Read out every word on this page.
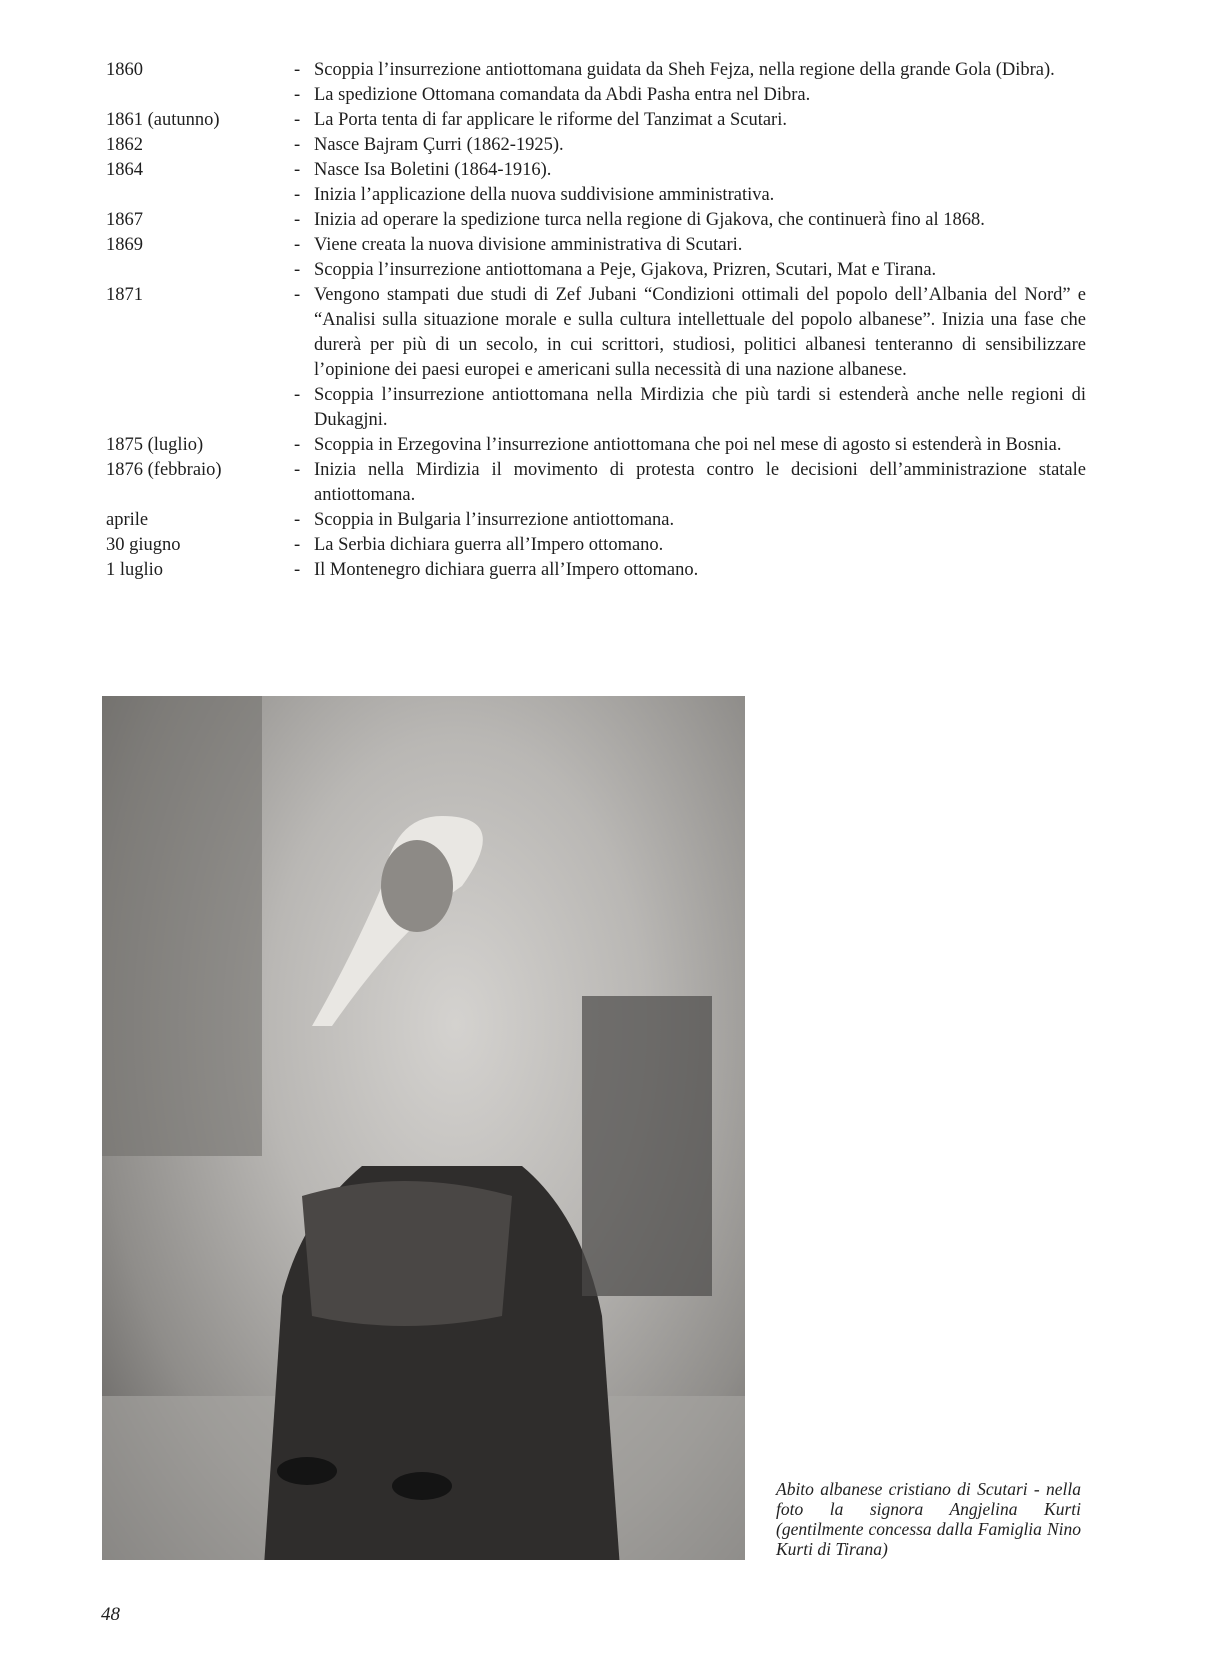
1860	- Scoppia l’insurrezione antiottomana guidata da Sheh Fejza, nella regione della grande Gola (Dibra).
- La spedizione Ottomana comandata da Abdi Pasha entra nel Dibra.
1861 (autunno)	- La Porta tenta di far applicare le riforme del Tanzimat a Scutari.
1862	- Nasce Bajram Çurri (1862-1925).
1864	- Nasce Isa Boletini (1864-1916).
- Inizia l’applicazione della nuova suddivisione amministrativa.
1867	- Inizia ad operare la spedizione turca nella regione di Gjakova, che continuerà fino al 1868.
1869	- Viene creata la nuova divisione amministrativa di Scutari.
- Scoppia l’insurrezione antiottomana a Peje, Gjakova, Prizren, Scutari, Mat e Tirana.
1871	- Vengono stampati due studi di Zef Jubani “Condizioni ottimali del popolo dell’Albania del Nord” e “Analisi sulla situazione morale e sulla cultura intellettuale del popolo albanese”. Inizia una fase che durerà per più di un secolo, in cui scrittori, studiosi, politici albanesi tenteranno di sensibilizzare l’opinione dei paesi europei e americani sulla necessità di una nazione albanese.
- Scoppia l’insurrezione antiottomana nella Mirdizia che più tardi si estenderà anche nelle regioni di Dukagjni.
1875 (luglio)	- Scoppia in Erzegovina l’insurrezione antiottomana che poi nel mese di agosto si estenderà in Bosnia.
1876 (febbraio)	- Inizia nella Mirdizia il movimento di protesta contro le decisioni dell’amministrazione statale antiottomana.
aprile	- Scoppia in Bulgaria l’insurrezione antiottomana.
30 giugno	- La Serbia dichiara guerra all’Impero ottomano.
1 luglio	- Il Montenegro dichiara guerra all’Impero ottomano.
Abito albanese cristiano di Scutari - nella foto la signora Angjelina Kurti (gentilmente concessa dalla Famiglia Nino Kurti di Tirana)
48
